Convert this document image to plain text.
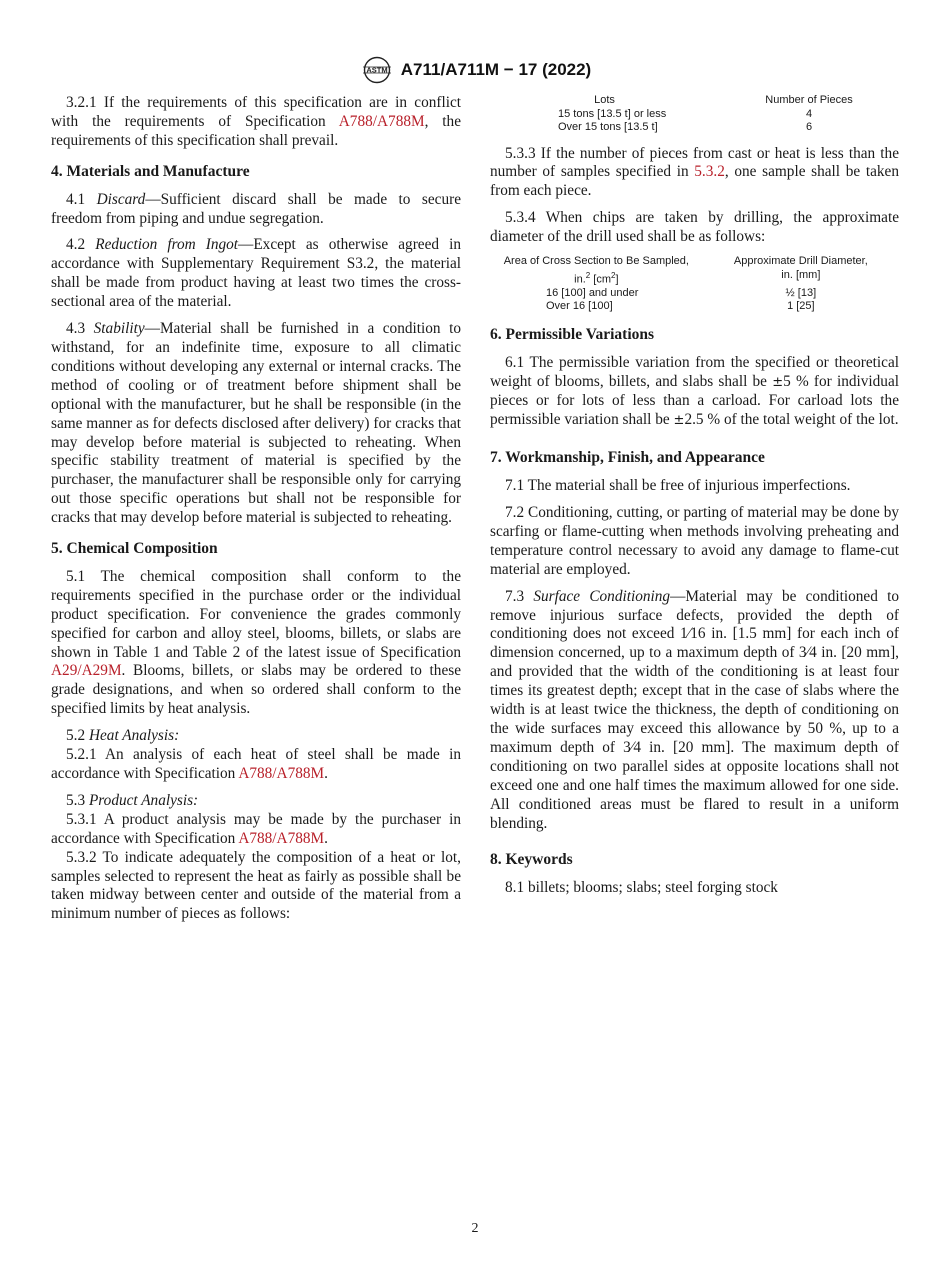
ASTM A711/A711M − 17 (2022)

3.2.1 If the requirements of this specification are in conflict with the requirements of Specification A788/A788M, the requirements of this specification shall prevail.

4. Materials and Manufacture

4.1 Discard—Sufficient discard shall be made to secure freedom from piping and undue segregation.

4.2 Reduction from Ingot—Except as otherwise agreed in accordance with Supplementary Requirement S3.2, the material shall be made from product having at least two times the cross-sectional area of the material.

4.3 Stability—Material shall be furnished in a condition to withstand, for an indefinite time, exposure to all climatic conditions without developing any external or internal cracks. The method of cooling or of treatment before shipment shall be optional with the manufacturer, but he shall be responsible (in the same manner as for defects disclosed after delivery) for cracks that may develop before material is subjected to reheating. When specific stability treatment of material is specified by the purchaser, the manufacturer shall be responsible only for carrying out those specific operations but shall not be responsible for cracks that may develop before material is subjected to reheating.

5. Chemical Composition

5.1 The chemical composition shall conform to the requirements specified in the purchase order or the individual product specification. For convenience the grades commonly specified for carbon and alloy steel, blooms, billets, or slabs are shown in Table 1 and Table 2 of the latest issue of Specification A29/A29M. Blooms, billets, or slabs may be ordered to these grade designations, and when so ordered shall conform to the specified limits by heat analysis.

5.2 Heat Analysis:

5.2.1 An analysis of each heat of steel shall be made in accordance with Specification A788/A788M.

5.3 Product Analysis:

5.3.1 A product analysis may be made by the purchaser in accordance with Specification A788/A788M.

5.3.2 To indicate adequately the composition of a heat or lot, samples selected to represent the heat as fairly as possible shall be taken midway between center and outside of the material from a minimum number of pieces as follows:

Lots	Number of Pieces
15 tons [13.5 t] or less	4
Over 15 tons [13.5 t]	6

5.3.3 If the number of pieces from cast or heat is less than the number of samples specified in 5.3.2, one sample shall be taken from each piece.

5.3.4 When chips are taken by drilling, the approximate diameter of the drill used shall be as follows:

Area of Cross Section to Be Sampled,
in.$^2$ $[cm^2]$	Approximate Drill Diameter,
in. [mm]
16 [100] and under	½ [13]
Over 16 [100]	1 [25]
6. Permissible Variations

6.1 The permissible variation from the specified or theoretical weight of blooms, billets, and slabs shall be ±5 % for individual pieces or for lots of less than a carload. For carload lots the permissible variation shall be ±2.5 % of the total weight of the lot.

7. Workmanship, Finish, and Appearance

7.1 The material shall be free of injurious imperfections.

7.2 Conditioning, cutting, or parting of material may be done by scarfing or flame-cutting when methods involving preheating and temperature control necessary to avoid any damage to flame-cut material are employed.

7.3 Surface Conditioning—Material may be conditioned to remove injurious surface defects, provided the depth of conditioning does not exceed 1⁄16 in. [1.5 mm] for each inch of dimension concerned, up to a maximum depth of 3⁄4 in. [20 mm], and provided that the width of the conditioning is at least four times its greatest depth; except that in the case of slabs where the width is at least twice the thickness, the depth of conditioning on the wide surfaces may exceed this allowance by 50 %, up to a maximum depth of 3⁄4 in. [20 mm]. The maximum depth of conditioning on two parallel sides at opposite locations shall not exceed one and one half times the maximum allowed for one side. All conditioned areas must be flared to result in a uniform blending.

8. Keywords

8.1 billets; blooms; slabs; steel forging stock

2
